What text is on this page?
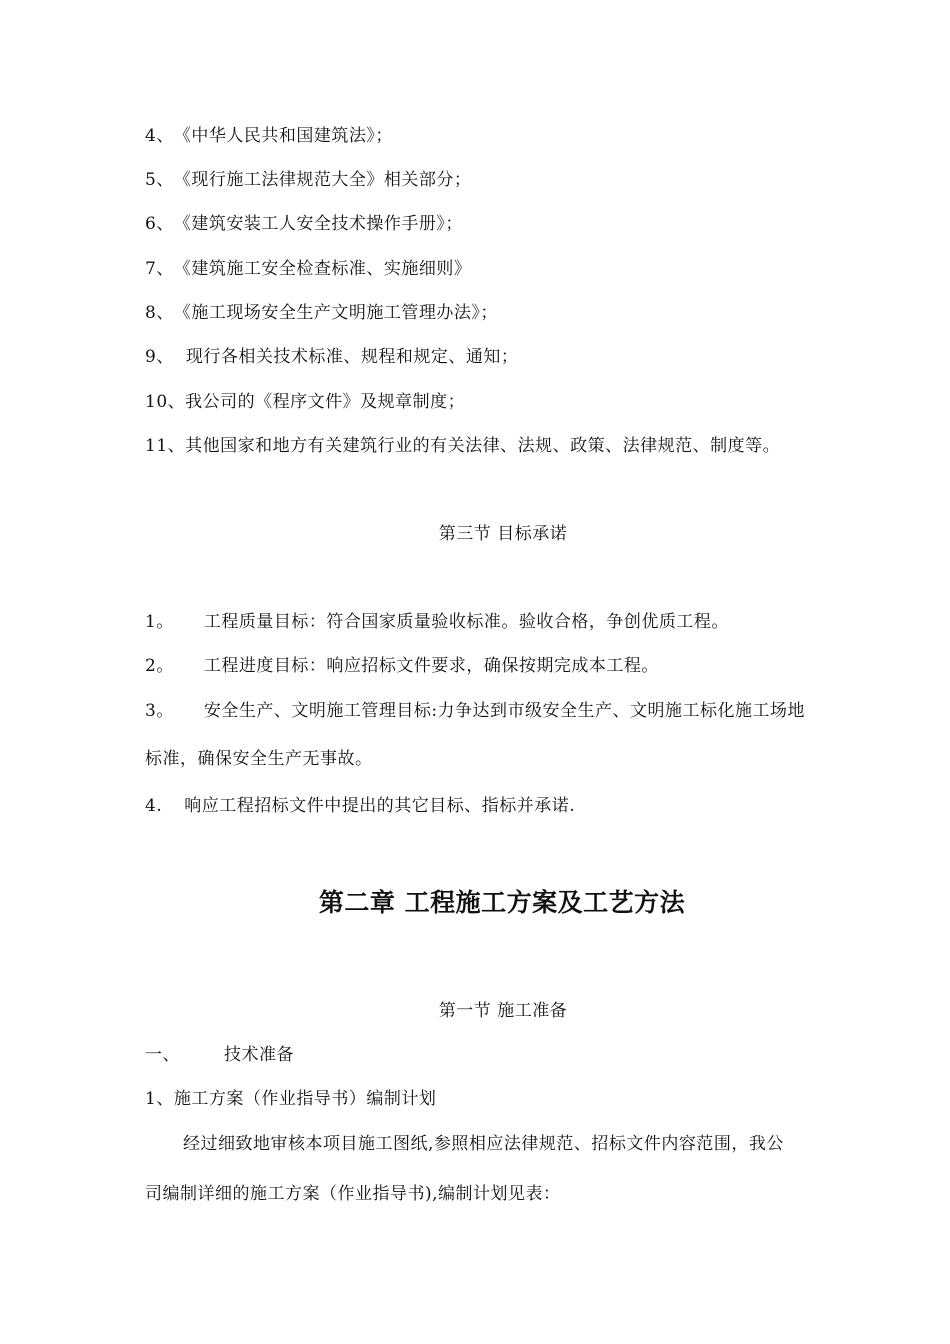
4、《中华人民共和国建筑法》；
5、《现行施工法律规范大全》相关部分；
6、《建筑安装工人安全技术操作手册》；
7、《建筑施工安全检查标准、实施细则》
8、《施工现场安全生产文明施工管理办法》；
9、 现行各相关技术标准、规程和规定、通知；
10、我公司的《程序文件》及规章制度；
11、其他国家和地方有关建筑行业的有关法律、法规、政策、法律规范、制度等。
第三节 目标承诺
1。 工程质量目标：符合国家质量验收标准。验收合格，争创优质工程。
2。 工程进度目标：响应招标文件要求，确保按期完成本工程。
3。 安全生产、文明施工管理目标:力争达到市级安全生产、文明施工标化施工场地
标准，确保安全生产无事故。
4. 响应工程招标文件中提出的其它目标、指标并承诺.
第二章 工程施工方案及工艺方法
第一节 施工准备
一、	技术准备
1、施工方案（作业指导书）编制计划
经过细致地审核本项目施工图纸,参照相应法律规范、招标文件内容范围，我公
司编制详细的施工方案（作业指导书),编制计划见表：
